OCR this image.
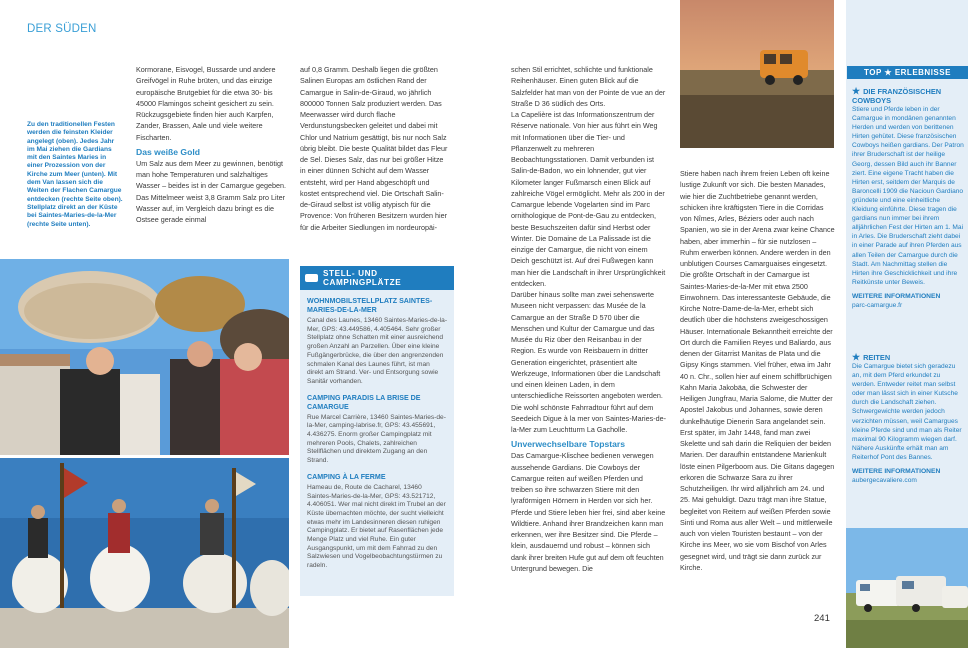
DER SÜDEN
Zu den traditionellen Festen werden die feinsten Kleider angelegt (oben). Jedes Jahr im Mai ziehen die Gardians mit den Saintes Maries in einer Prozession von der Kirche zum Meer (unten). Mit dem Van lassen sich die Weiten der Flachen Camargue entdecken (rechte Seite oben). Stellplatz direkt an der Küste bei Saintes-Maries-de-la-Mer (rechte Seite unten).

Kormorane, Eisvogel, Bussarde und andere Greifvögel in Ruhe brüten, und das einzige europäische Brutgebiet für die etwa 30- bis 45000 Flamingos scheint gesichert zu sein. Rückzugsgebiete finden hier auch Karpfen, Zander, Brassen, Aale und viele weitere Fischarten.

Das weiße Gold

Um Salz aus dem Meer zu gewinnen, benötigt man hohe Temperaturen und salzhaltiges Wasser – beides ist in der Camargue gegeben. Das Mittelmeer weist 3,8 Gramm Salz pro Liter Wasser auf, im Vergleich dazu bringt es die Ostsee gerade einmal

auf 0,8 Gramm. Deshalb liegen die größten Salinen Europas am östlichen Rand der Camargue in Salin-de-Giraud, wo jährlich 800000 Tonnen Salz produziert werden. Das Meerwasser wird durch flache Verdunstungsbecken geleitet und dabei mit Chlor und Natrium gesättigt, bis nur noch Salz übrig bleibt. Die beste Qualität bildet das Fleur de Sel. Dieses Salz, das nur bei größer Hitze in einer dünnen Schicht auf dem Wasser entsteht, wird per Hand abgeschöpft und kostet entsprechend viel. Die Ortschaft Salin-de-Giraud selbst ist völlig atypisch für die Provence: Von früheren Besitzern wurden hier für die Arbeiter Siedlungen im nordeuropäi-

STELL- UND CAMPINGPLÄTZE
WOHNMOBILSTELLPLATZ SAINTES-MARIES-DE-LA-MER

Canal des Launes, 13460 Saintes-Maries-de-la-Mer, GPS: 43.449586, 4.405464. Sehr großer Stellplatz ohne Schatten mit einer ausreichend großen Anzahl an Parzellen. Über eine kleine Fußgängerbrücke, die über den angrenzenden schmalen Kanal des Launes führt, ist man direkt am Strand. Ver- und Entsorgung sowie Sanitär vorhanden.

CAMPING PARADIS LA BRISE DE CAMARGUE

Rue Marcel Carrière, 13460 Saintes-Maries-de-la-Mer, camping-labrise.fr, GPS: 43.455691, 4.436275. Enorm großer Campingplatz mit mehreren Pools, Chalets, zahlreichen Stellflächen und direktem Zugang an den Strand.

CAMPING À LA FERME

Hameau de, Route de Cacharel, 13460 Saintes-Maries-de-la-Mer, GPS: 43.521712, 4.406051. Wer mal nicht direkt im Trubel an der Küste übernachten möchte, der sucht vielleicht etwas mehr im Landesinneren diesen ruhigen Campingplatz. Er bietet auf Rasenflächen jede Menge Platz und viel Ruhe. Ein guter Ausgangspunkt, um mit dem Fahrrad zu den Salzwiesen und Vogelbeobachtungstürmen zu radeln.

schen Stil errichtet, schlichte und funktionale Reihenhäuser. Einen guten Blick auf die Salzfelder hat man von der Pointe de vue an der Straße D 36 südlich des Orts.

La Capelière ist das Informationszentrum der Réserve nationale. Von hier aus führt ein Weg mit Informationen über die Tier- und Pflanzenwelt zu mehreren Beobachtungsstationen. Damit verbunden ist Salin-de-Badon, wo ein lohnender, gut vier Kilometer langer Fußmarsch einen Blick auf zahlreiche Vögel ermöglicht. Mehr als 200 in der Camargue lebende Vogelarten sind im Parc ornithologique de Pont-de-Gau zu entdecken, beste Besuchszeiten dafür sind Herbst oder Winter. Die Domaine de La Palissade ist die einzige der Camargue, die nicht von einem Deich geschützt ist. Auf drei Fußwegen kann man hier die Landschaft in ihrer Ursprünglichkeit entdecken.

Darüber hinaus sollte man zwei sehenswerte Museen nicht verpassen: das Musée de la Camargue an der Straße D 570 über die Menschen und Kultur der Camargue und das Musée du Riz über den Reisanbau in der Region. Es wurde von Reisbauern in dritter Generation eingerichtet, präsentiert alte Werkzeuge, Informationen über die Landschaft und einen kleinen Laden, in dem unterschiedliche Reissorten angeboten werden. Die wohl schönste Fahrradtour führt auf dem Seedeich Digue à la mer von Saintes-Maries-de-la-Mer zum Leuchtturm La Gacholle.

Unverwechselbare Topstars

Das Camargue-Klischee bedienen verwegen aussehende Gardians. Die Cowboys der Camargue reiten auf weißen Pferden und treiben so ihre schwarzen Stiere mit den lyraförmigen Hörnern in Herden vor sich her. Pferde und Stiere leben hier frei, sind aber keine Wildtiere. Anhand ihrer Brandzeichen kann man erkennen, wer ihre Besitzer sind. Die Pferde – klein, ausdauernd und robust – können sich dank ihrer breiten Hufe gut auf dem oft feuchten Untergrund bewegen. Die

Stiere haben nach ihrem freien Leben oft keine lustige Zukunft vor sich. Die besten Manades, wie hier die Zuchtbetriebe genannt werden, schicken ihre kräftigsten Tiere in die Corridas von Nîmes, Arles, Béziers oder auch nach Spanien, wo sie in der Arena zwar keine Chance haben, aber immerhin – für sie nutzlosen – Ruhm erwerben können. Andere werden in den unblutigen Courses Camarguaises eingesetzt.

Die größte Ortschaft in der Camargue ist Saintes-Maries-de-la-Mer mit etwa 2500 Einwohnern. Das interessanteste Gebäude, die Kirche Notre-Dame-de-la-Mer, erhebt sich deutlich über die höchstens zweigeschossigen Häuser. Internationale Bekanntheit erreichte der Ort durch die Familien Reyes und Baliardo, aus denen der Gitarrist Manitas de Plata und die Gipsy Kings stammen. Viel früher, etwa im Jahr 40 n. Chr., sollen hier auf einem schiffbrüchigen Kahn Maria Jakobäa, die Schwester der Heiligen Jungfrau, Maria Salome, die Mutter der Apostel Jakobus und Johannes, sowie deren dunkelhäutige Dienerin Sara angelandet sein. Erst später, im Jahr 1448, fand man zwei Skelette und sah darin die Reliquien der beiden Marien. Der daraufhin entstandene Marienkult löste einen Pilgerboom aus. Die Gitans dagegen erkoren die Schwarze Sara zu ihrer Schutzheiligen. Ihr wird alljährlich am 24. und 25. Mai gehuldigt. Dazu trägt man ihre Statue, begleitet von Reitern auf weißen Pferden sowie Sinti und Roma aus aller Welt – und mittlerweile auch von vielen Touristen bestaunt – von der Kirche ins Meer, wo sie vom Bischof von Arles gesegnet wird, und trägt sie dann zurück zur Kirche.

TOP ★ ERLEBNISSE
★ DIE FRANZÖSISCHEN COWBOYS

Stiere und Pferde leben in der Camargue in mondänen genannten Herden und werden von berittenen Hirten gehütet. Diese französischen Cowboys heißen gardians. Der Patron ihrer Bruderschaft ist der heilige Georg, dessen Bild auch ihr Banner ziert. Eine eigene Tracht haben die Hirten erst, seitdem der Marquis de Baroncelli 1909 die Nacioun Gardiano gründete und eine einheitliche Kleidung einführte. Diese tragen die gardians nun immer bei ihrem alljährlichen Fest der Hirten am 1. Mai in Arles. Die Bruderschaft zieht dabei in einer Parade auf ihren Pferden aus allen Teilen der Camargue durch die Stadt. Am Nachmittag stellen die Hirten ihre Geschicklichkeit und ihre Reitkünste unter Beweis.

WEITERE INFORMATIONEN
parc-camargue.fr
★ REITEN

Die Camargue bietet sich geradezu an, mit dem Pferd erkundet zu werden. Entweder reitet man selbst oder man lässt sich in einer Kutsche durch die Landschaft ziehen. Schwergewichte werden jedoch verzichten müssen, weil Camargues kleine Pferde sind und man als Reiter maximal 90 Kilogramm wiegen darf. Nähere Auskünfte erhält man am Reiterhof Pont des Bannes.

WEITERE INFORMATIONEN
aubergecavaliere.com
241
